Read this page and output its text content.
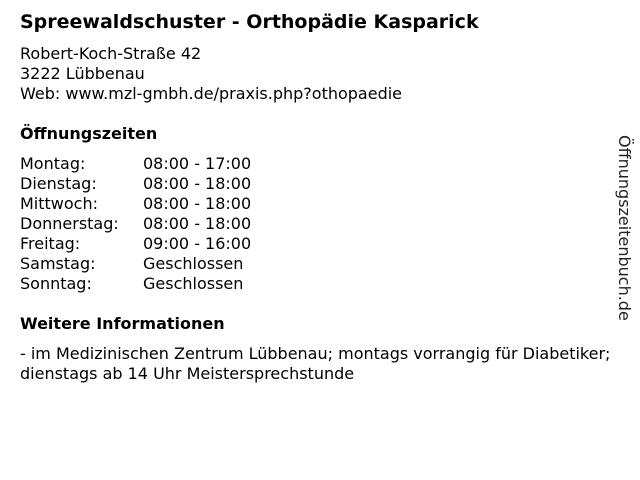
Spreewaldschuster - Orthopädie Kasparick
Robert-Koch-Straße 42
3222 Lübbenau
Web: www.mzl-gmbh.de/praxis.php?othopaedie
Öffnungszeiten
Montag:	08:00 - 17:00
Dienstag:	08:00 - 18:00
Mittwoch:	08:00 - 18:00
Donnerstag: 08:00 - 18:00
Freitag:	09:00 - 16:00
Samstag:	Geschlossen
Sonntag:	Geschlossen
Weitere Informationen
- im Medizinischen Zentrum Lübbenau; montags vorrangig für Diabetiker; dienstags ab 14 Uhr Meistersprechstunde
Öffnungszeitenbuch.de
